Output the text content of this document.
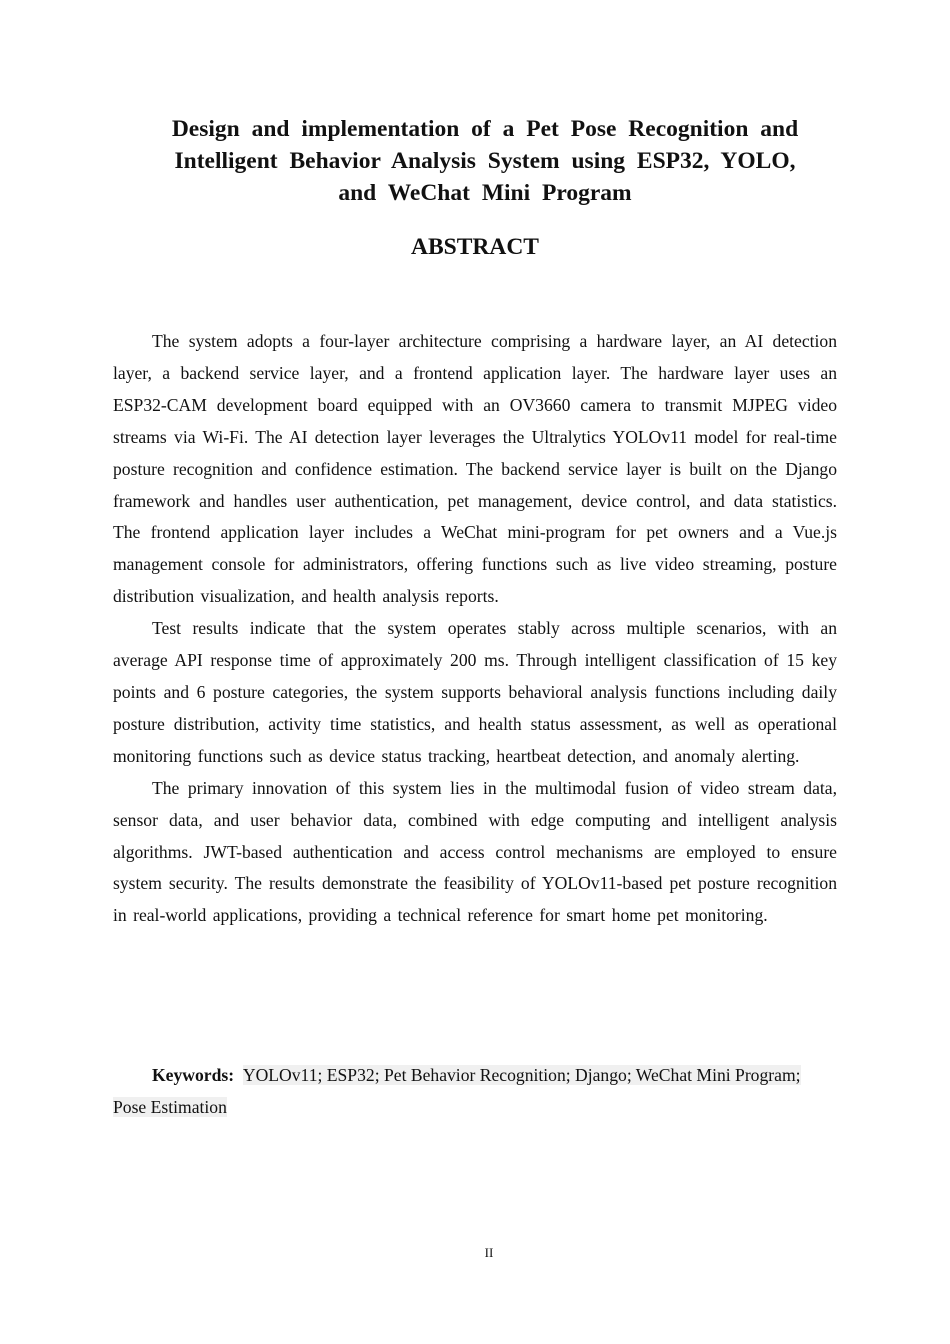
Design and implementation of a Pet Pose Recognition and
Intelligent Behavior Analysis System using ESP32, YOLO,
and WeChat Mini Program
ABSTRACT

The system adopts a four-layer architecture comprising a hardware layer, an AI detection layer, a backend service layer, and a frontend application layer. The hardware layer uses an ESP32-CAM development board equipped with an OV3660 camera to transmit MJPEG video streams via Wi-Fi. The AI detection layer leverages the Ultralytics YOLOv11 model for real-time posture recognition and confidence estimation. The backend service layer is built on the Django framework and handles user authentication, pet management, device control, and data statistics. The frontend application layer includes a WeChat mini-program for pet owners and a Vue.js management console for administrators, offering functions such as live video streaming, posture distribution visualization, and health analysis reports.

Test results indicate that the system operates stably across multiple scenarios, with an average API response time of approximately 200 ms. Through intelligent classification of 15 key points and 6 posture categories, the system supports behavioral analysis functions including daily posture distribution, activity time statistics, and health status assessment, as well as operational monitoring functions such as device status tracking, heartbeat detection, and anomaly alerting.

The primary innovation of this system lies in the multimodal fusion of video stream data, sensor data, and user behavior data, combined with edge computing and intelligent analysis algorithms. JWT-based authentication and access control mechanisms are employed to ensure system security. The results demonstrate the feasibility of YOLOv11-based pet posture recognition in real-world applications, providing a technical reference for smart home pet monitoring.

Keywords: YOLOv11; ESP32; Pet Behavior Recognition; Django; WeChat Mini Program; Pose Estimation

II
